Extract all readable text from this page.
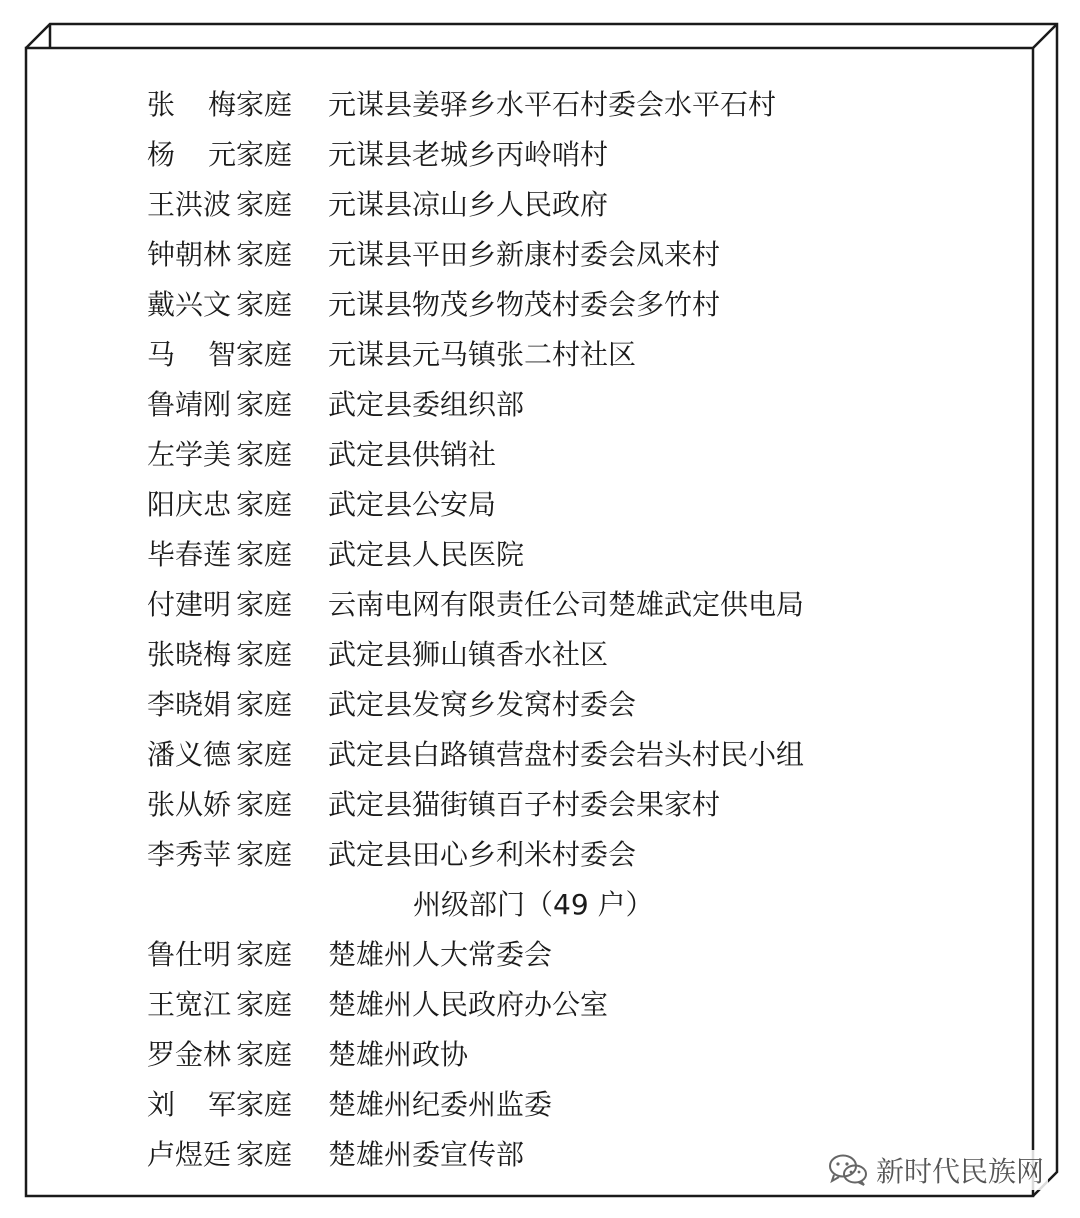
张 梅家庭 元谋县姜驿乡水平石村委会水平石村
杨 元家庭 元谋县老城乡丙岭哨村
王洪波 家庭 元谋县凉山乡人民政府
钟朝林 家庭 元谋县平田乡新康村委会凤来村
戴兴文 家庭 元谋县物茂乡物茂村委会多竹村
马 智家庭 元谋县元马镇张二村社区
鲁靖刚 家庭 武定县委组织部
左学美 家庭 武定县供销社
阳庆忠 家庭 武定县公安局
毕春莲 家庭 武定县人民医院
付建明 家庭 云南电网有限责任公司楚雄武定供电局
张晓梅 家庭 武定县狮山镇香水社区
李晓娟 家庭 武定县发窝乡发窝村委会
潘义德 家庭 武定县白路镇营盘村委会岩头村民小组
张从娇 家庭 武定县猫街镇百子村委会果家村
李秀苹 家庭 武定县田心乡利米村委会
州级部门（49 户）
鲁仕明 家庭 楚雄州人大常委会
王宽江 家庭 楚雄州人民政府办公室
罗金林 家庭 楚雄州政协
刘 军家庭 楚雄州纪委州监委
卢煜廷 家庭 楚雄州委宣传部
新时代民族网
